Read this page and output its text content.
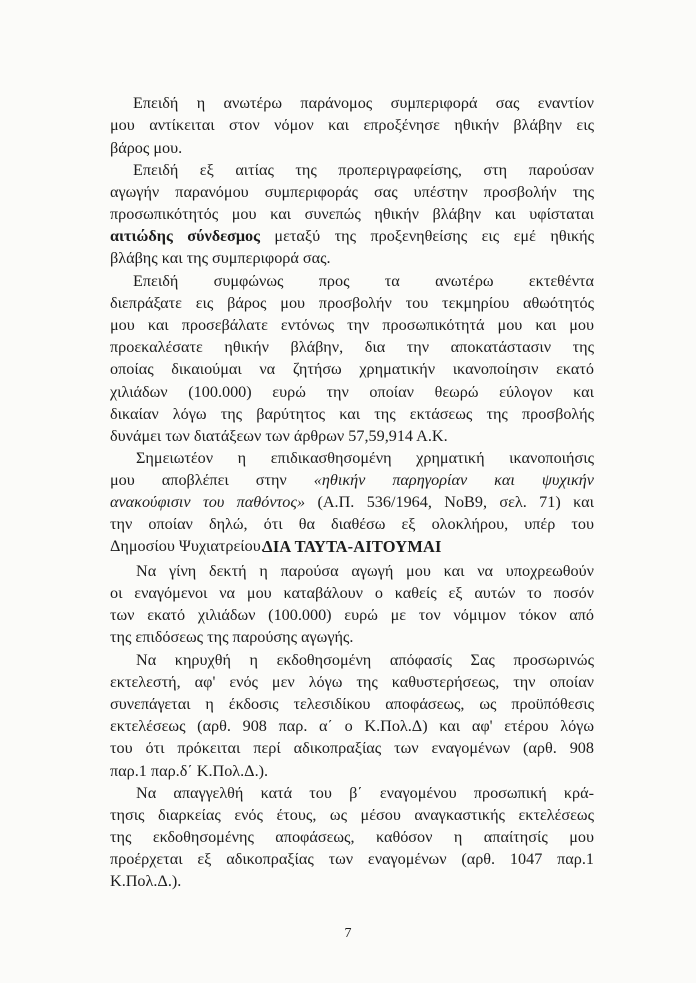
Επειδή η ανωτέρω παράνομος συμπεριφορά σας εναντίον
μου αντίκειται στον νόμον και επροξένησε ηθικήν βλάβην εις
βάρος μου.
Επειδή εξ αιτίας της προπεριγραφείσης, στη παρούσαν
αγωγήν παρανόμου συμπεριφοράς σας υπέστην προσβολήν της
προσωπικότητός μου και συνεπώς ηθικήν βλάβην και υφίσταται
αιτιώδης σύνδεσμος μεταξύ της προξενηθείσης εις εμέ ηθικής
βλάβης και της συμπεριφορά σας.
Επειδή συμφώνως προς τα ανωτέρω εκτεθέντα
διεπράξατε εις βάρος μου προσβολήν του τεκμηρίου αθωότητός
μου και προσεβάλατε εντόνως την προσωπικότητά μου και μου
προεκαλέσατε ηθικήν βλάβην, δια την αποκατάστασιν της
οποίας δικαιούμαι να ζητήσω χρηματικήν ικανοποίησιν εκατό
χιλιάδων (100.000) ευρώ την οποίαν θεωρώ εύλογον και
δικαίαν λόγω της βαρύτητος και της εκτάσεως της προσβολής
δυνάμει των διατάξεων των άρθρων 57,59,914 Α.Κ.
Σημειωτέον η επιδικασθησομένη χρηματική ικανοποιήσις
μου αποβλέπει στην «ηθικήν παρηγορίαν και ψυχικήν
ανακούφισιν του παθόντος» (Α.Π. 536/1964, ΝοΒ9, σελ. 71) και
την οποίαν δηλώ, ότι θα διαθέσω εξ ολοκλήρου, υπέρ του
Δημοσίου Ψυχιατρείου.
ΔΙΑ ΤΑΥΤΑ-ΑΙΤΟΥΜΑΙ
Να γίνη δεκτή η παρούσα αγωγή μου και να υποχρεωθούν
οι εναγόμενοι να μου καταβάλουν ο καθείς εξ αυτών το ποσόν
των εκατό χιλιάδων (100.000) ευρώ με τον νόμιμον τόκον από
της επιδόσεως της παρούσης αγωγής.
Να κηρυχθή η εκδοθησομένη απόφασίς Σας προσωρινώς
εκτελεστή, αφ' ενός μεν λόγω της καθυστερήσεως, την οποίαν
συνεπάγεται η έκδοσις τελεσιδίκου αποφάσεως, ως προϋπόθεσις
εκτελέσεως (αρθ. 908 παρ. α΄ ο Κ.Πολ.Δ) και αφ' ετέρου λόγω
του ότι πρόκειται περί αδικοπραξίας των εναγομένων (αρθ. 908
παρ.1 παρ.δ΄ Κ.Πολ.Δ.).
Να απαγγελθή κατά του β΄ εναγομένου προσωπική κρά-
τησις διαρκείας ενός έτους, ως μέσου αναγκαστικής εκτελέσεως
της εκδοθησομένης αποφάσεως, καθόσον η απαίτησίς μου
προέρχεται εξ αδικοπραξίας των εναγομένων (αρθ. 1047 παρ.1
Κ.Πολ.Δ.).
7
